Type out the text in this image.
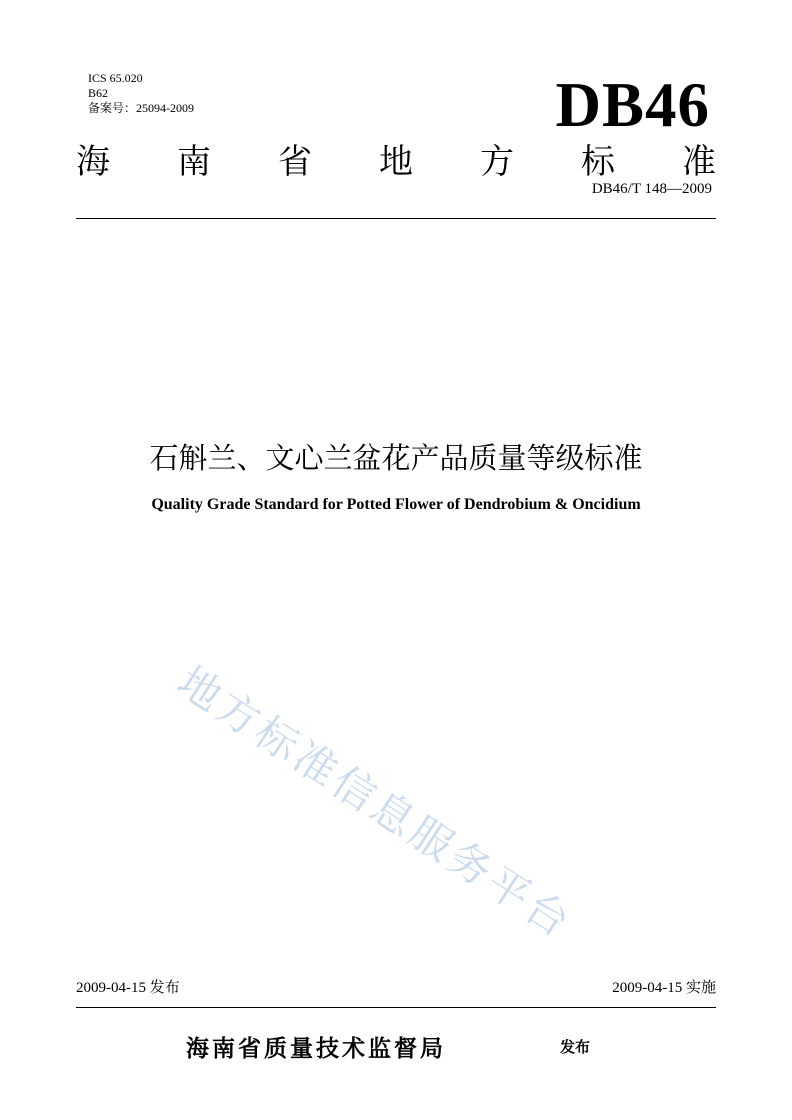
ICS 65.020
B62
备案号：25094-2009	DB46
海 南 省 地 方 标 准
DB46/T 148—2009
石斛兰、文心兰盆花产品质量等级标准
Quality Grade Standard for Potted Flower of Dendrobium & Oncidium
地方标准信息服务平台
2009-04-15 发布	2009-04-15 实施
海南省质量技术监督局	发布
